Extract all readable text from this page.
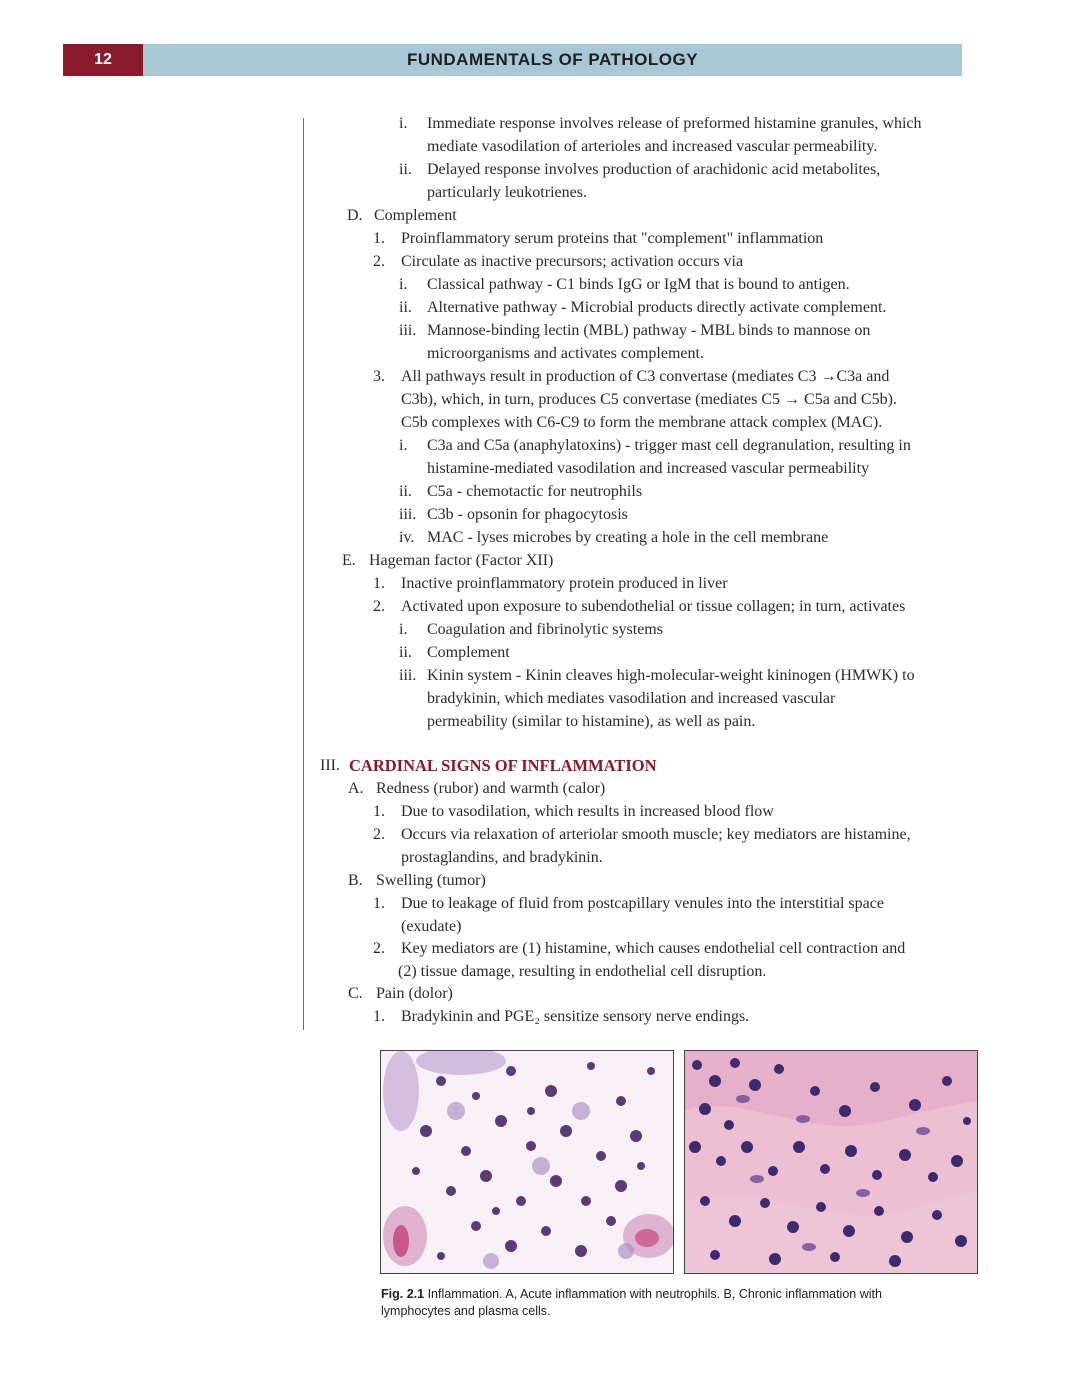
12	FUNDAMENTALS OF PATHOLOGY
i. Immediate response involves release of preformed histamine granules, which
mediate vasodilation of arterioles and increased vascular permeability.
ii. Delayed response involves production of arachidonic acid metabolites,
particularly leukotrienes.
D. Complement
1. Proinflammatory serum proteins that "complement" inflammation
2. Circulate as inactive precursors; activation occurs via
i. Classical pathway - C1 binds IgG or IgM that is bound to antigen.
ii. Alternative pathway - Microbial products directly activate complement.
iii. Mannose-binding lectin (MBL) pathway - MBL binds to mannose on
microorganisms and activates complement.
3. All pathways result in production of C3 convertase (mediates C3 →C3a and
C3b), which, in turn, produces C5 convertase (mediates C5 → C5a and C5b).
C5b complexes with C6-C9 to form the membrane attack complex (MAC).
i. C3a and C5a (anaphylatoxins) - trigger mast cell degranulation, resulting in
histamine-mediated vasodilation and increased vascular permeability
ii. C5a - chemotactic for neutrophils
iii. C3b - opsonin for phagocytosis
iv. MAC - lyses microbes by creating a hole in the cell membrane
E. Hageman factor (Factor XII)
1. Inactive proinflammatory protein produced in liver
2. Activated upon exposure to subendothelial or tissue collagen; in turn, activates
i. Coagulation and fibrinolytic systems
ii. Complement
iii. Kinin system - Kinin cleaves high-molecular-weight kininogen (HMWK) to
bradykinin, which mediates vasodilation and increased vascular
permeability (similar to histamine), as well as pain.
III. CARDINAL SIGNS OF INFLAMMATION
A. Redness (rubor) and warmth (calor)
1. Due to vasodilation, which results in increased blood flow
2. Occurs via relaxation of arteriolar smooth muscle; key mediators are histamine,
prostaglandins, and bradykinin.
B. Swelling (tumor)
1. Due to leakage of fluid from postcapillary venules into the interstitial space
(exudate)
2. Key mediators are (1) histamine, which causes endothelial cell contraction and
(2) tissue damage, resulting in endothelial cell disruption.
C. Pain (dolor)
1. Bradykinin and PGE₂ sensitize sensory nerve endings.
Fig. 2.1 Inflammation. A, Acute inflammation with neutrophils. B, Chronic inflammation with lymphocytes and plasma cells.
